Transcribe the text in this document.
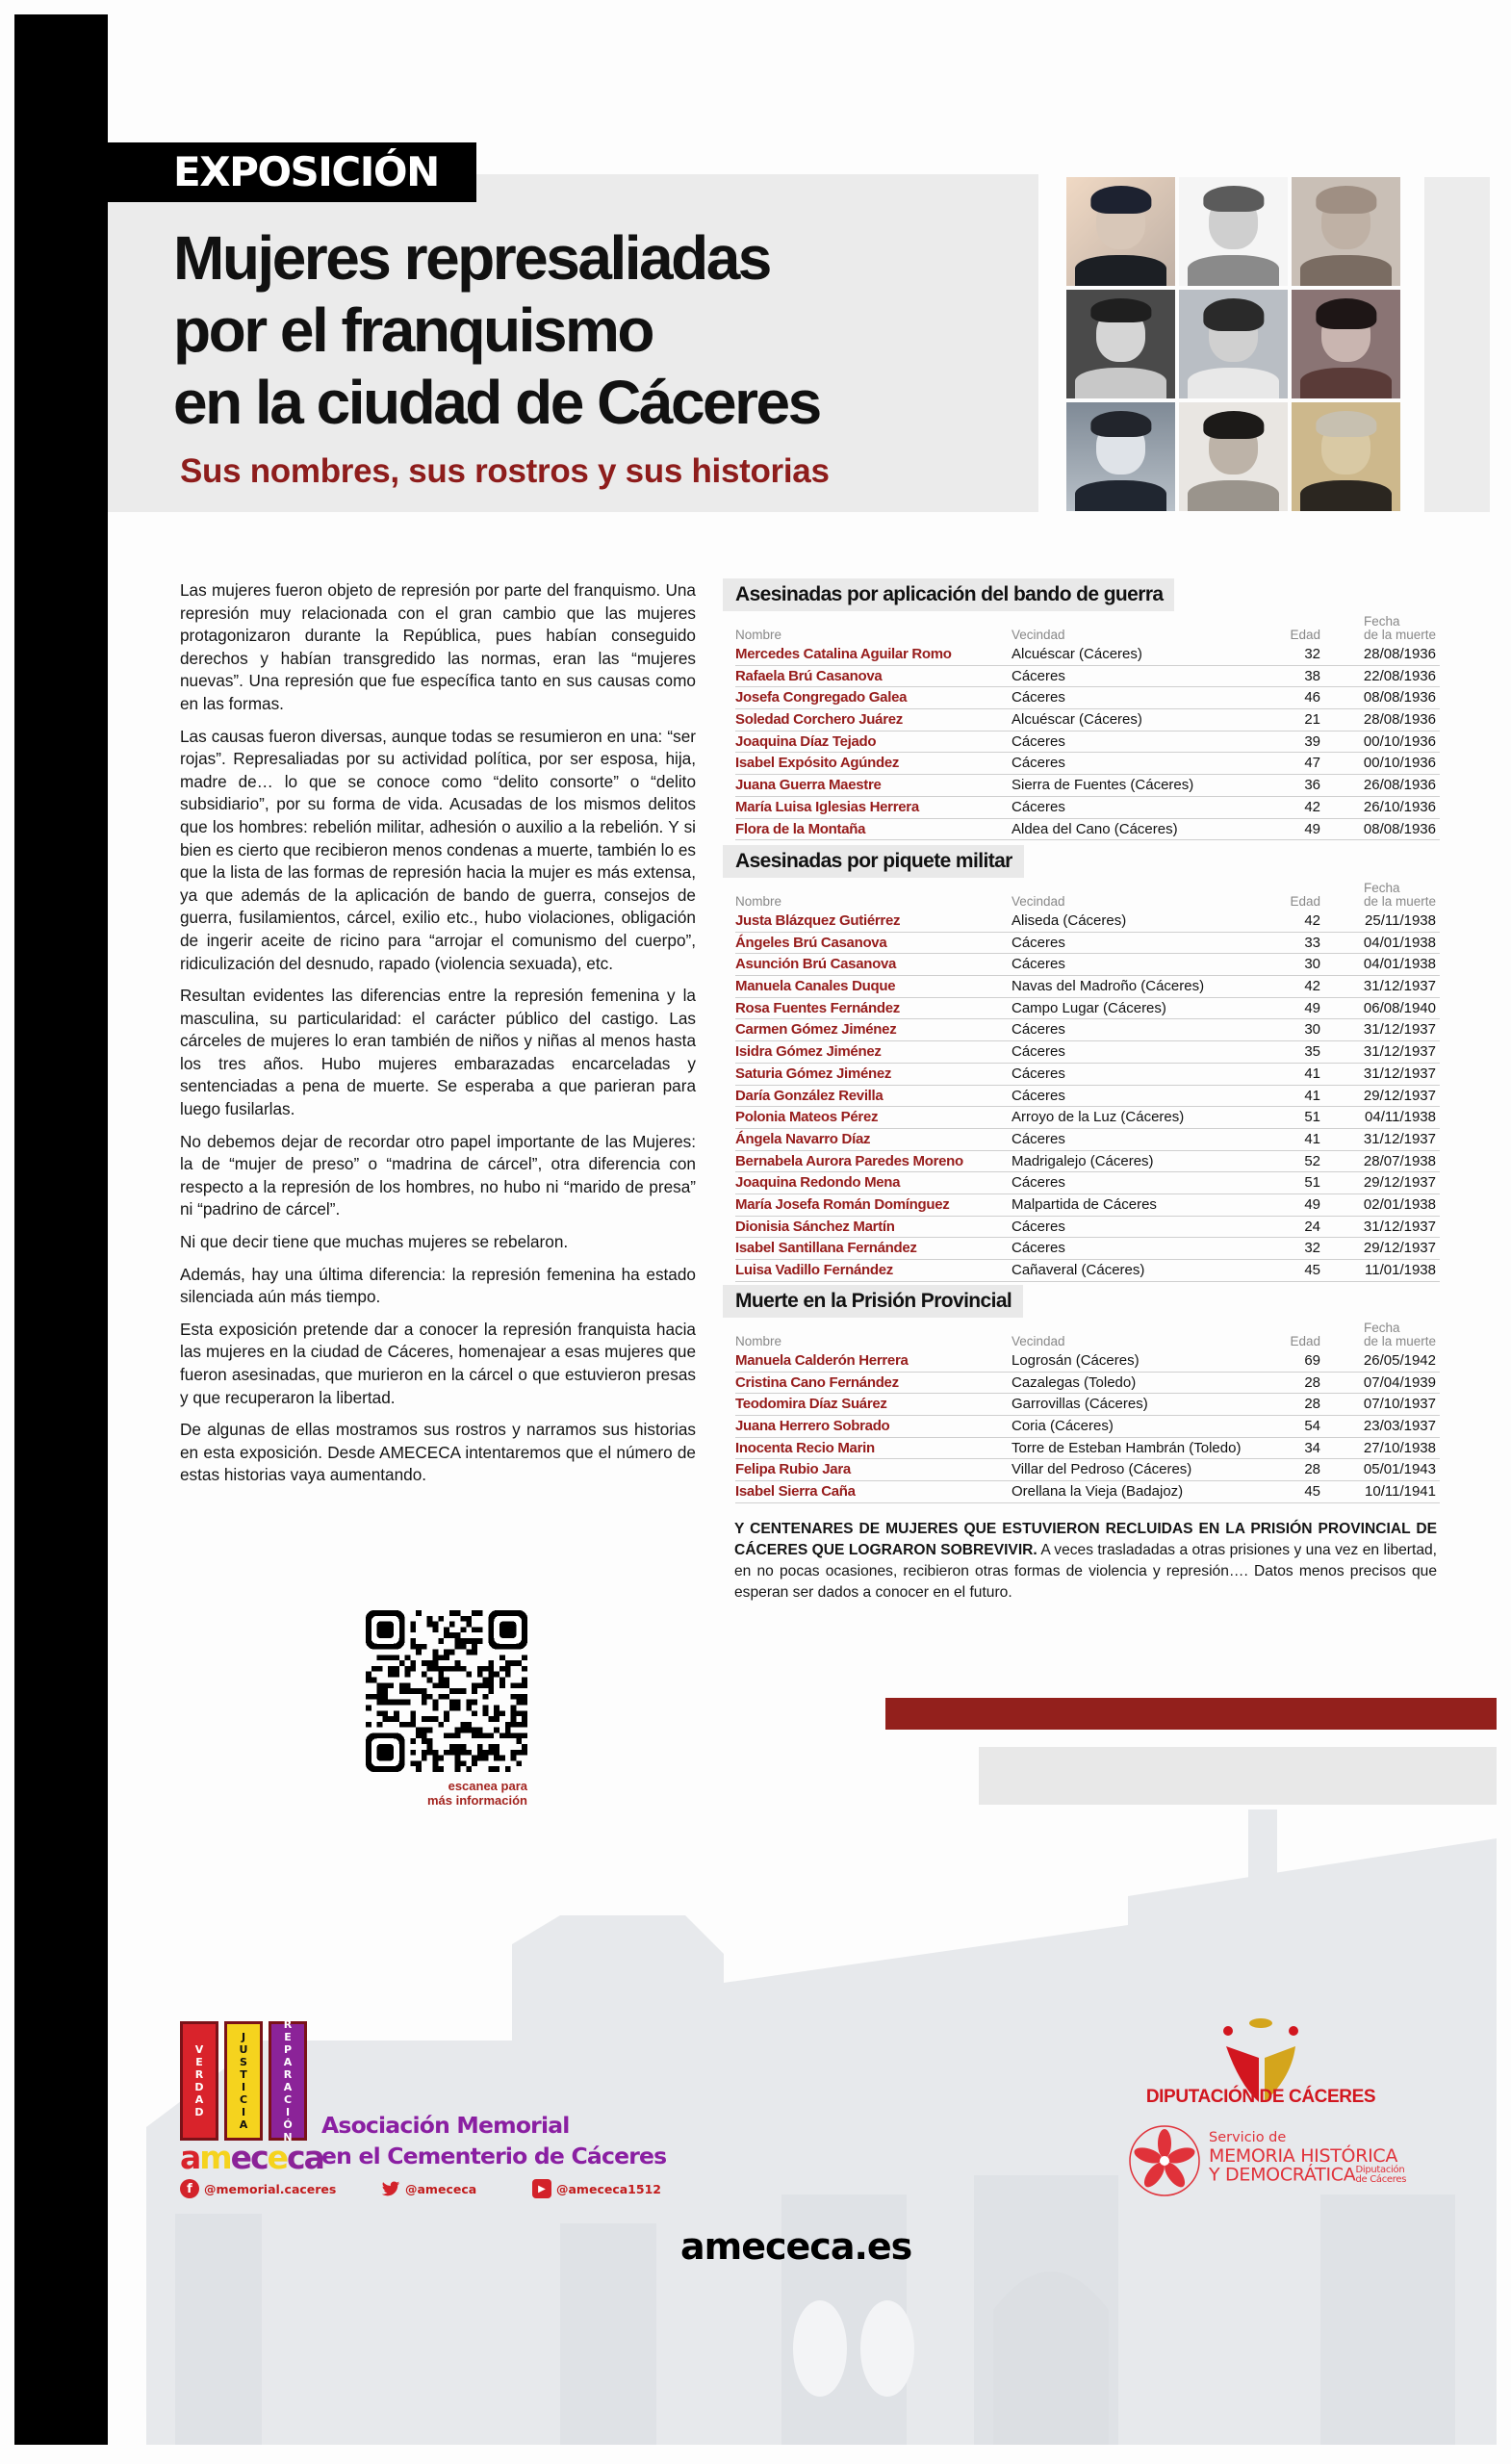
EXPOSICIÓN
Mujeres represaliadas
por el franquismo
en la ciudad de Cáceres
Sus nombres, sus rostros y sus historias

Las mujeres fueron objeto de represión por parte del franquismo. Una represión muy relacionada con el gran cambio que las mujeres protagonizaron durante la República, pues habían conseguido derechos y habían transgredido las normas, eran las “mujeres nuevas”. Una represión que fue específica tanto en sus causas como en las formas.

Las causas fueron diversas, aunque todas se resumieron en una: “ser rojas”. Represaliadas por su actividad política, por ser esposa, hija, madre de… lo que se conoce como “delito consorte” o “delito subsidiario”, por su forma de vida. Acusadas de los mismos delitos que los hombres: rebelión militar, adhesión o auxilio a la rebelión. Y si bien es cierto que recibieron menos condenas a muerte, también lo es que la lista de las formas de represión hacia la mujer es más extensa, ya que además de la aplicación de bando de guerra, consejos de guerra, fusilamientos, cárcel, exilio etc., hubo violaciones, obligación de ingerir aceite de ricino para “arrojar el comunismo del cuerpo”, ridiculización del desnudo, rapado (violencia sexuada), etc.

Resultan evidentes las diferencias entre la represión femenina y la masculina, su particularidad: el carácter público del castigo. Las cárceles de mujeres lo eran también de niños y niñas al menos hasta los tres años. Hubo mujeres embarazadas encarceladas y sentenciadas a pena de muerte. Se esperaba a que parieran para luego fusilarlas.

No debemos dejar de recordar otro papel importante de las Mujeres: la de “mujer de preso” o “madrina de cárcel”, otra diferencia con respecto a la represión de los hombres, no hubo ni “marido de presa” ni “padrino de cárcel”.

Ni que decir tiene que muchas mujeres se rebelaron.

Además, hay una última diferencia: la represión femenina ha estado silenciada aún más tiempo.

Esta exposición pretende dar a conocer la represión franquista hacia las mujeres en la ciudad de Cáceres, homenajear a esas mujeres que fueron asesinadas, que murieron en la cárcel o que estuvieron presas y que recuperaron la libertad.

De algunas de ellas mostramos sus rostros y narramos sus historias en esta exposición. Desde AMECECA intentaremos que el número de estas historias vaya aumentando.

Asesinadas por aplicación del bando de guerra
Nombre	Vecindad	Edad
Fecha
de la muerte
Mercedes Catalina Aguilar Romo	Alcuéscar (Cáceres)	32	28/08/1936
Rafaela Brú Casanova	Cáceres	38	22/08/1936
Josefa Congregado Galea	Cáceres	46	08/08/1936
Soledad Corchero Juárez	Alcuéscar (Cáceres)	21	28/08/1936
Joaquina Díaz Tejado	Cáceres	39	00/10/1936
Isabel Expósito Agúndez	Cáceres	47	00/10/1936
Juana Guerra Maestre	Sierra de Fuentes (Cáceres)	36	26/08/1936
María Luisa Iglesias Herrera	Cáceres	42	26/10/1936
Flora de la Montaña	Aldea del Cano (Cáceres)	49	08/08/1936
Asesinadas por piquete militar
Nombre	Vecindad	Edad
Fecha
de la muerte
Justa Blázquez Gutiérrez	Aliseda (Cáceres)	42	25/11/1938
Ángeles Brú Casanova	Cáceres	33	04/01/1938
Asunción Brú Casanova	Cáceres	30	04/01/1938
Manuela Canales Duque	Navas del Madroño (Cáceres)	42	31/12/1937
Rosa Fuentes Fernández	Campo Lugar (Cáceres)	49	06/08/1940
Carmen Gómez Jiménez	Cáceres	30	31/12/1937
Isidra Gómez Jiménez	Cáceres	35	31/12/1937
Saturia Gómez Jiménez	Cáceres	41	31/12/1937
Daría González Revilla	Cáceres	41	29/12/1937
Polonia Mateos Pérez	Arroyo de la Luz (Cáceres)	51	04/11/1938
Ángela Navarro Díaz	Cáceres	41	31/12/1937
Bernabela Aurora Paredes Moreno	Madrigalejo (Cáceres)	52	28/07/1938
Joaquina Redondo Mena	Cáceres	51	29/12/1937
María Josefa Román Domínguez	Malpartida de Cáceres	49	02/01/1938
Dionisia Sánchez Martín	Cáceres	24	31/12/1937
Isabel Santillana Fernández	Cáceres	32	29/12/1937
Luisa Vadillo Fernández	Cañaveral (Cáceres)	45	11/01/1938
Muerte en la Prisión Provincial
Nombre	Vecindad	Edad
Fecha
de la muerte
Manuela Calderón Herrera	Logrosán (Cáceres)	69	26/05/1942
Cristina Cano Fernández	Cazalegas (Toledo)	28	07/04/1939
Teodomira Díaz Suárez	Garrovillas (Cáceres)	28	07/10/1937
Juana Herrero Sobrado	Coria (Cáceres)	54	23/03/1937
Inocenta Recio Marin	Torre de Esteban Hambrán (Toledo)	34	27/10/1938
Felipa Rubio Jara	Villar del Pedroso (Cáceres)	28	05/01/1943
Isabel Sierra Caña	Orellana la Vieja (Badajoz)	45	10/11/1941
Y CENTENARES DE MUJERES QUE ESTUVIERON RECLUIDAS EN LA PRISIÓN PROVINCIAL DE CÁCERES QUE LOGRARON SOBREVIVIR. A veces trasladadas a otras prisiones y una vez en libertad, en no pocas ocasiones, recibieron otras formas de violencia y represión…. Datos menos precisos que esperan ser dados a conocer en el futuro.
escanea para
más información
V
E
R
D
A
D
J
U
S
T
I
C
I
A
R
E
P
A
R
A
C
I
Ó
N
amececa
Asociación Memorial
en el Cementerio de Cáceres
f @memorial.caceres	@amececa	▶ @amececa1512
amececa.es
DIPUTACIÓN DE CÁCERES
Servicio de
MEMORIA HISTÓRICA
Y DEMOCRÁTICA Diputación
de Cáceres
